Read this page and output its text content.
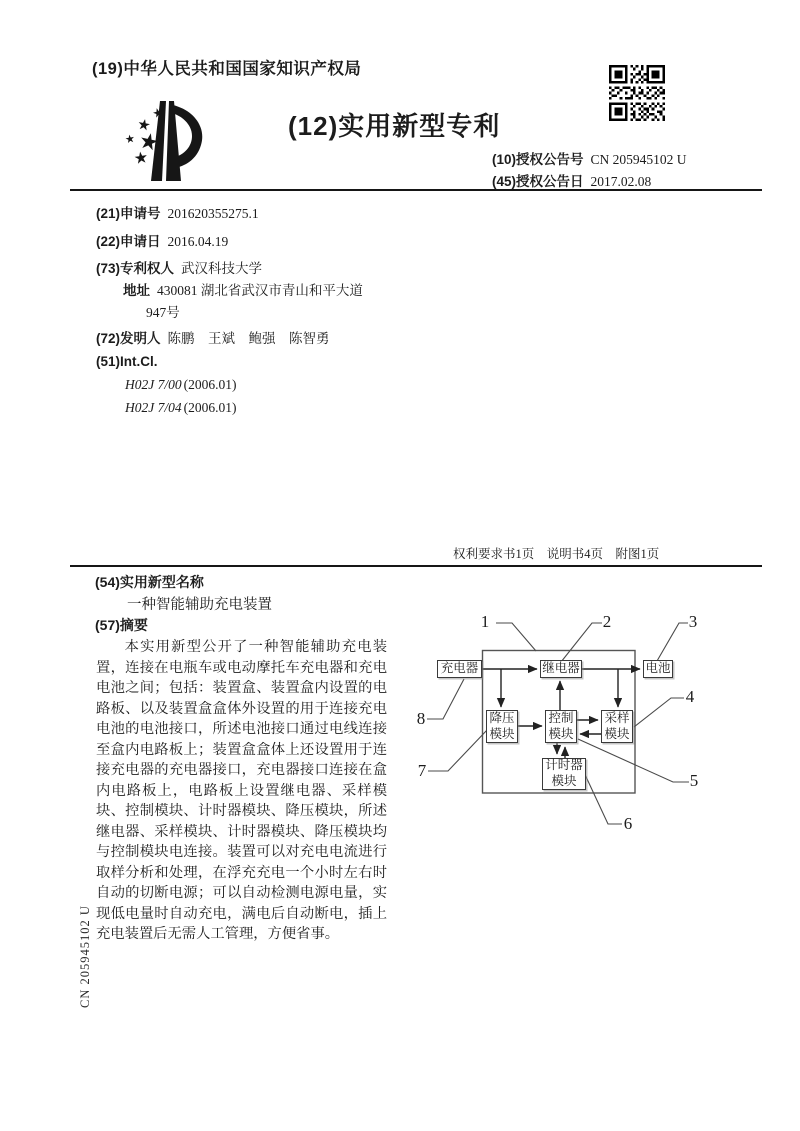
(19)中华人民共和国国家知识产权局
(12)实用新型专利
(10)授权公告号 CN 205945102 U
(45)授权公告日 2017.02.08
(21)申请号 201620355275.1
(22)申请日 2016.04.19
(73)专利权人 武汉科技大学
地址 430081 湖北省武汉市青山和平大道
947号
(72)发明人 陈鹏　王斌　鲍强　陈智勇
(51)Int.Cl.
H02J 7/00 (2006.01)
H02J 7/04 (2006.01)
权利要求书1页　说明书4页　附图1页
(54)实用新型名称
一种智能辅助充电装置
(57)摘要
本实用新型公开了一种智能辅助充电装置，连接在电瓶车或电动摩托车充电器和充电电池之间；包括：装置盒、装置盒内设置的电路板、以及装置盒盒体外设置的用于连接充电电池的电池接口，所述电池接口通过电线连接至盒内电路板上；装置盒盒体上还设置用于连接充电器的充电器接口，充电器接口连接在盒内电路板上，电路板上设置继电器、采样模块、控制模块、计时器模块、降压模块，所述继电器、采样模块、计时器模块、降压模块均与控制模块电连接。装置可以对充电电流进行取样分析和处理，在浮充充电一个小时左右时自动的切断电源；可以自动检测电源电量，实现低电量时自动充电，满电后自动断电，插上充电装置后无需人工管理，方便省事。
CN 205945102 U
充电器	继电器	电池
降压模块
控制模块
采样模块
计时器模块
1	2	3
4
5
6
7
8
